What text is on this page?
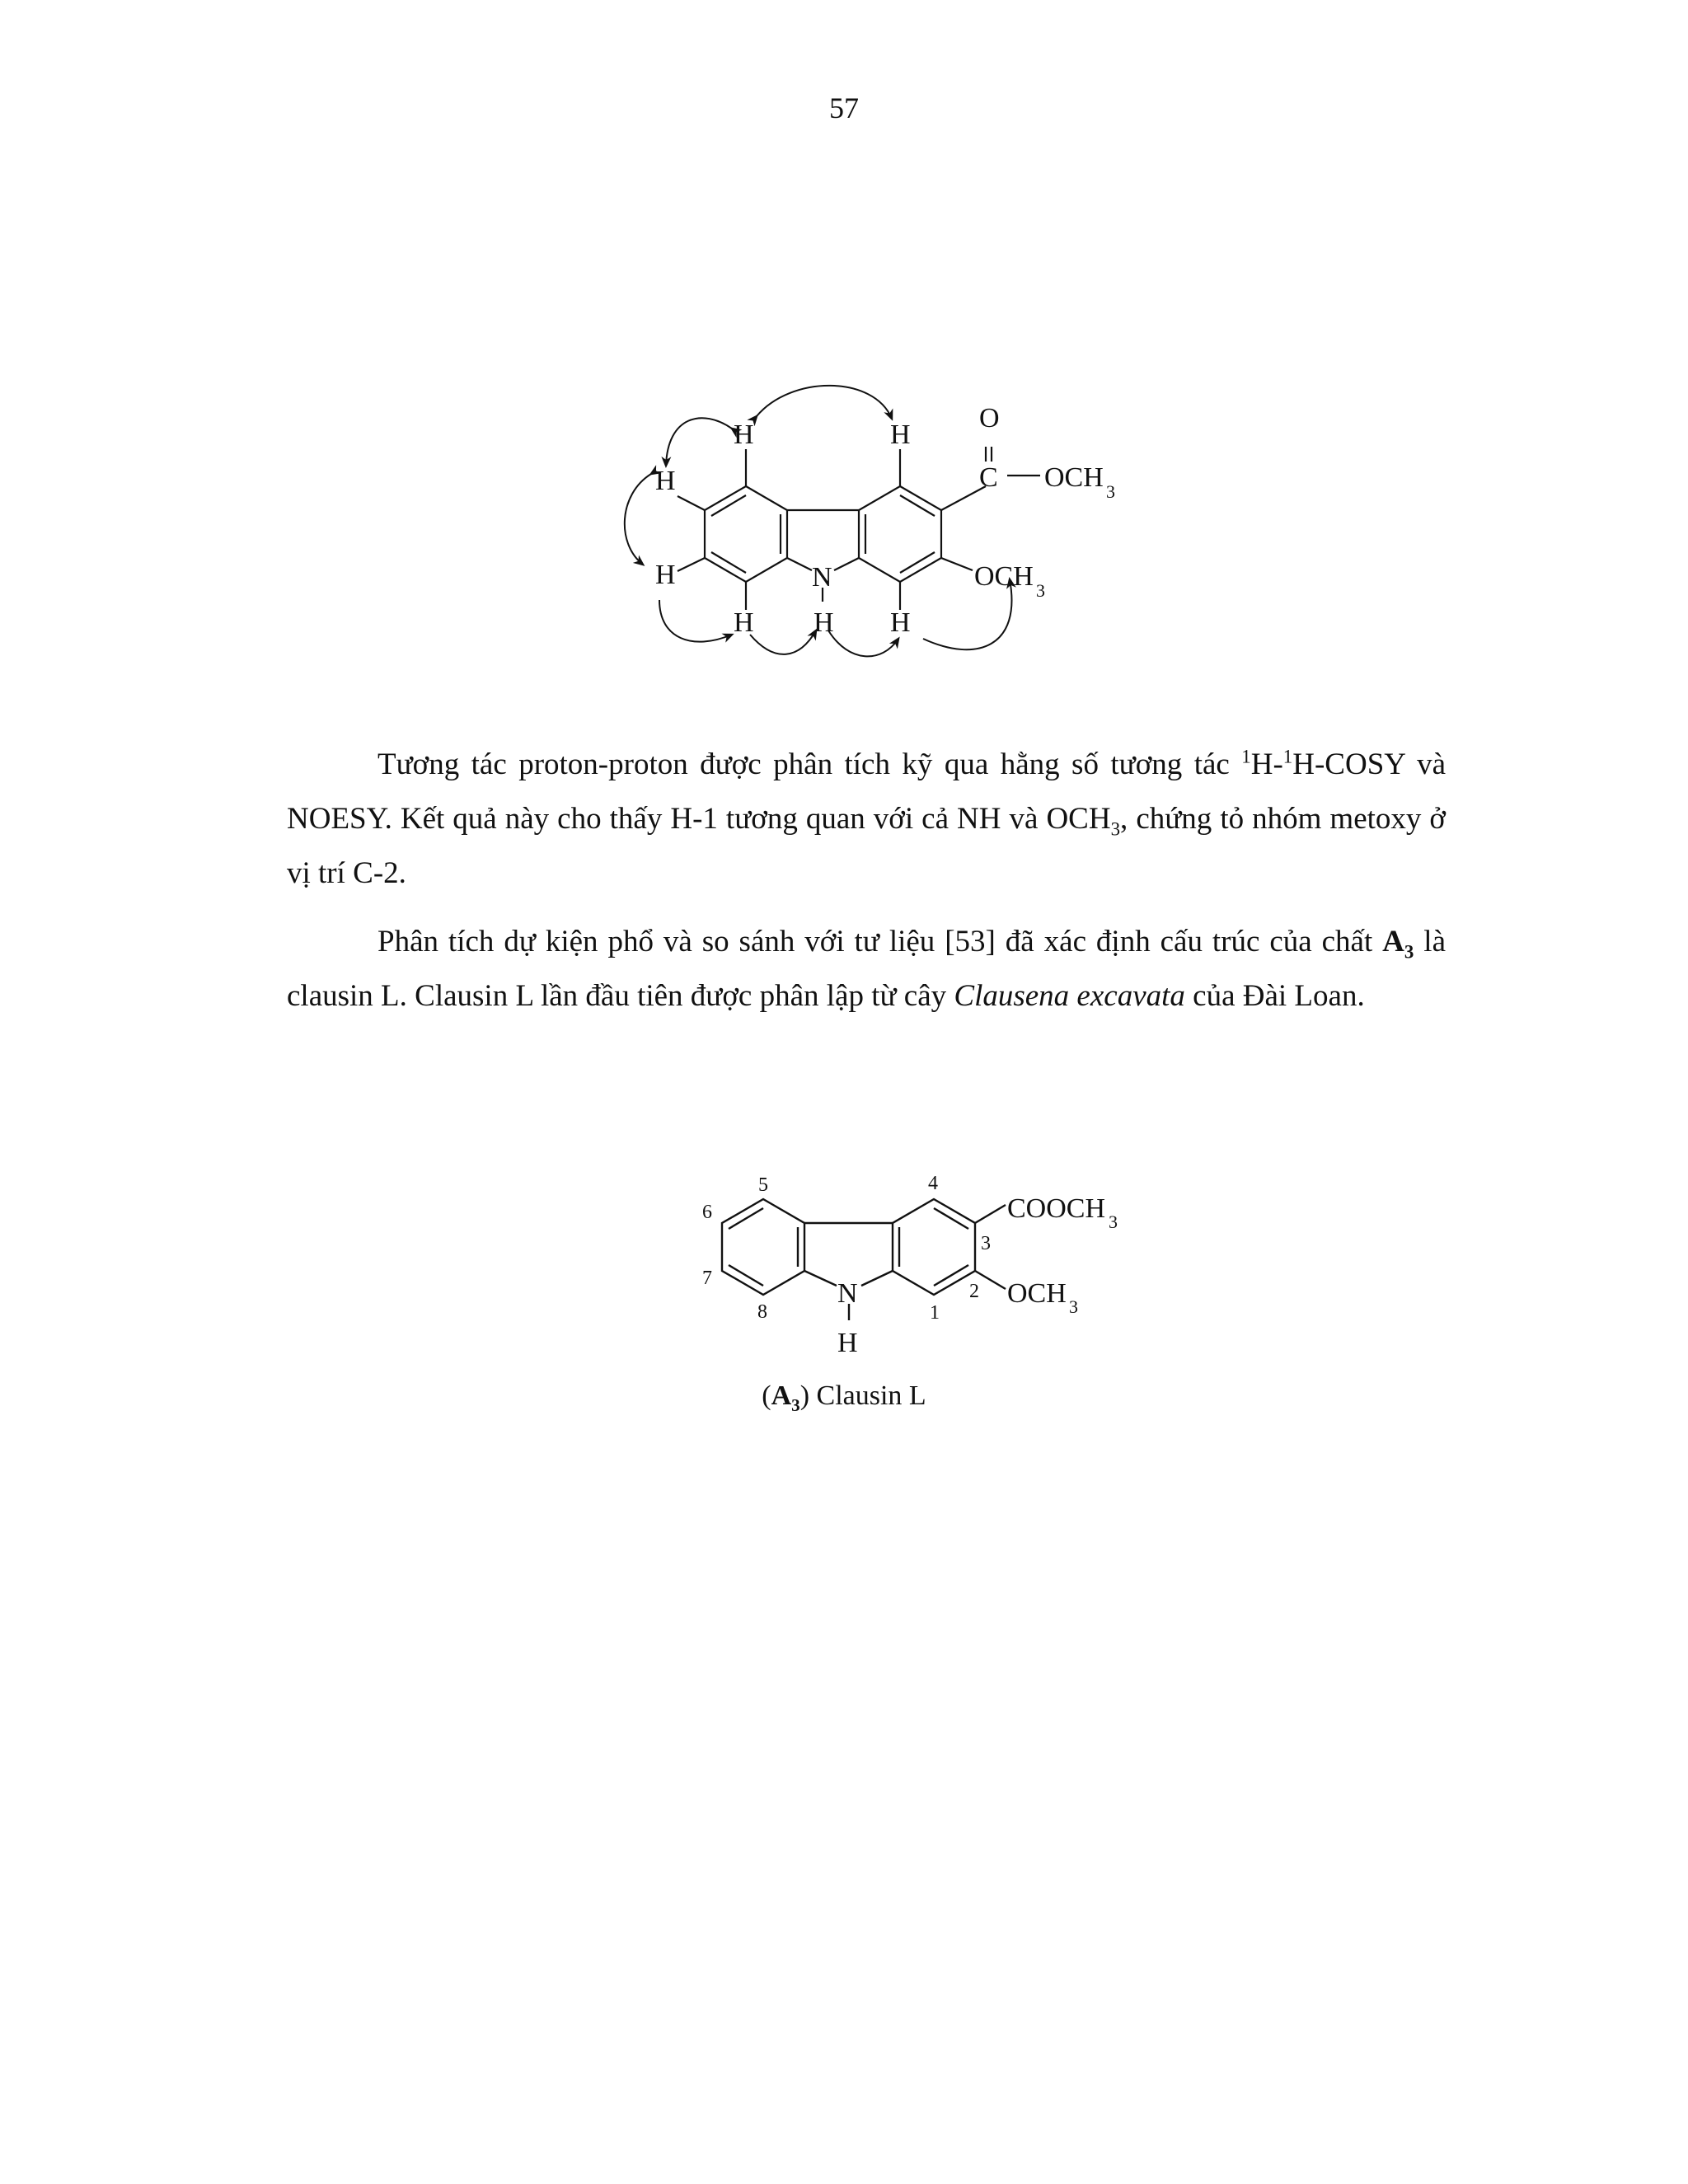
57
H	H
H
H
H H H
N
O
C OCH 3
OCH 3

Tương tác proton-proton được phân tích kỹ qua hằng số tương tác $^1$H-$^1$H-COSY và NOESY. Kết quả này cho thấy H-1 tương quan với cả NH và $OCH_3$, chứng tỏ nhóm metoxy ở vị trí C-2.

Phân tích dự kiện phổ và so sánh với tư liệu [53] đã xác định cấu trúc của chất $A_3$ là clausin L. Clausin L lần đầu tiên được phân lập từ cây Clausena excavata của Đài Loan.

N
H
COOCH 3
OCH 3
5	4
6
3
7
2
8	1
$(A_3)$ Clausin L
